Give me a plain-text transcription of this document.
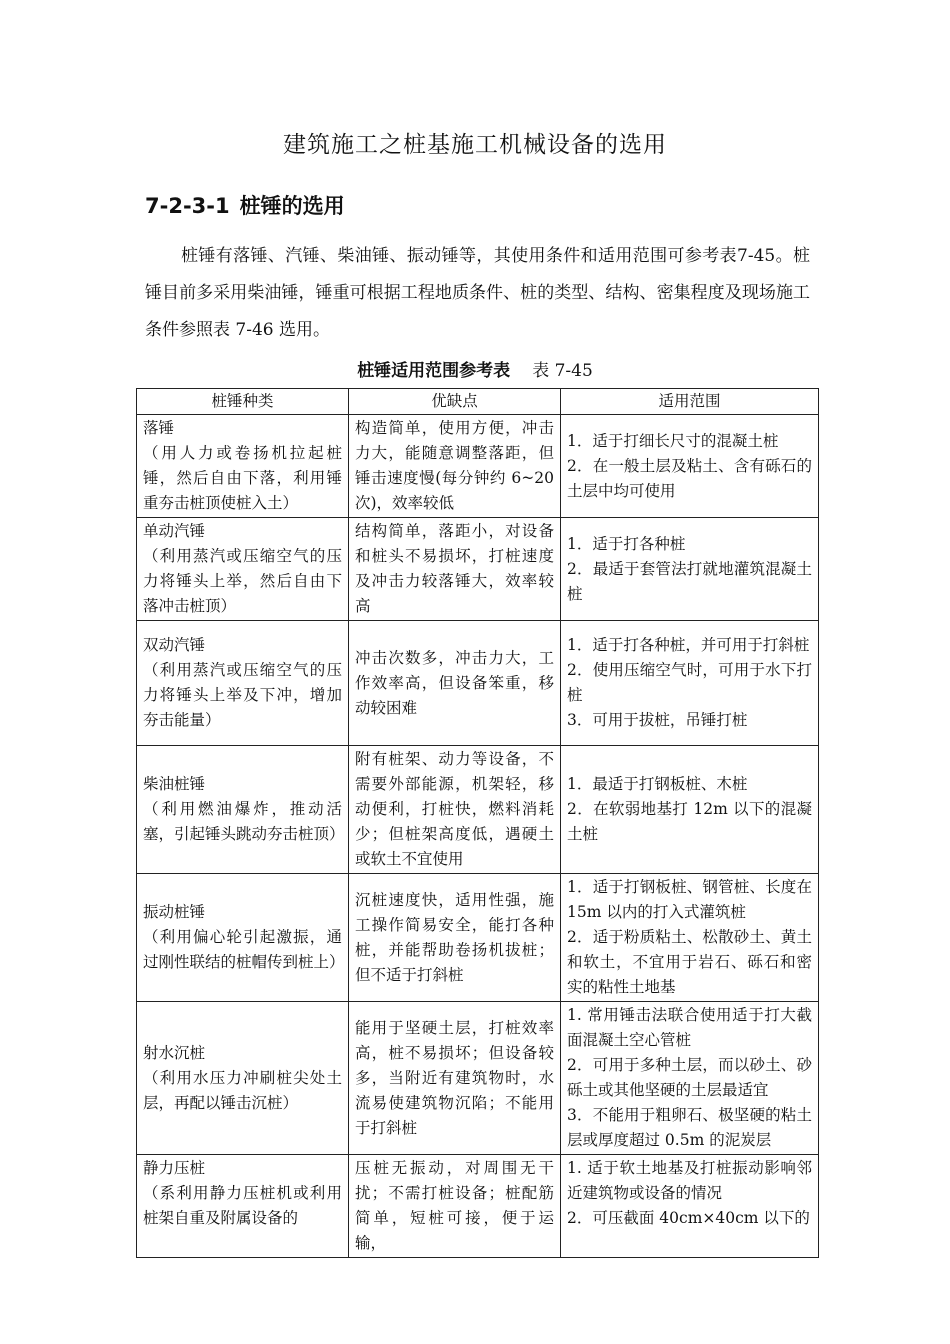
建筑施工之桩基施工机械设备的选用
7-2-3-1 桩锤的选用
桩锤有落锤、汽锤、柴油锤、振动锤等，其使用条件和适用范围可参考表7-45。桩锤目前多采用柴油锤，锤重可根据工程地质条件、桩的类型、结构、密集程度及现场施工条件参照表 7-46 选用。
桩锤适用范围参考表 表 7-45
桩锤种类	优缺点	适用范围

落锤
（用人力或卷扬机拉起桩锤，然后自由下落，利用锤重夯击桩顶使桩入土）	构造简单，使用方便，冲击力大，能随意调整落距，但锤击速度慢(每分钟约 6~20 次)，效率较低	1．适于打细长尺寸的混凝土桩
2．在一般土层及粘土、含有砾石的土层中均可使用

单动汽锤
（利用蒸汽或压缩空气的压力将锤头上举，然后自由下落冲击桩顶）	结构简单，落距小，对设备和桩头不易损坏，打桩速度及冲击力较落锤大，效率较高	1．适于打各种桩
2．最适于套管法打就地灌筑混凝土桩

双动汽锤
（利用蒸汽或压缩空气的压力将锤头上举及下冲，增加夯击能量）	冲击次数多，冲击力大，工作效率高，但设备笨重，移动较困难	1．适于打各种桩，并可用于打斜桩
2．使用压缩空气时，可用于水下打桩
3．可用于拔桩，吊锤打桩

柴油桩锤
（利用燃油爆炸，推动活塞，引起锤头跳动夯击桩顶）	附有桩架、动力等设备，不需要外部能源，机架轻，移动便利，打桩快，燃料消耗少；但桩架高度低，遇硬土或软土不宜使用	1．最适于打钢板桩、木桩
2．在软弱地基打 12m 以下的混凝土桩

振动桩锤
（利用偏心轮引起激振，通过刚性联结的桩帽传到桩上）	沉桩速度快，适用性强，施工操作简易安全，能打各种桩，并能帮助卷扬机拔桩；但不适于打斜桩	1．适于打钢板桩、钢管桩、长度在 15m 以内的打入式灌筑桩
2．适于粉质粘土、松散砂土、黄土和软土，不宜用于岩石、砾石和密实的粘性土地基

射水沉桩
（利用水压力冲刷桩尖处土层，再配以锤击沉桩）	能用于坚硬土层，打桩效率高，桩不易损坏；但设备较多，当附近有建筑物时，水流易使建筑物沉陷；不能用于打斜桩	1. 常用锤击法联合使用适于打大截面混凝土空心管桩
2．可用于多种土层，而以砂土、砂砾土或其他坚硬的土层最适宜
3．不能用于粗卵石、极坚硬的粘土层或厚度超过 0.5m 的泥炭层

静力压桩
（系利用静力压桩机或利用桩架自重及附属设备的	压桩无振动，对周围无干扰；不需打桩设备；桩配筋简单，短桩可接，便于运输，	1. 适于软土地基及打桩振动影响邻近建筑物或设备的情况
2．可压截面 40cm×40cm 以下的
